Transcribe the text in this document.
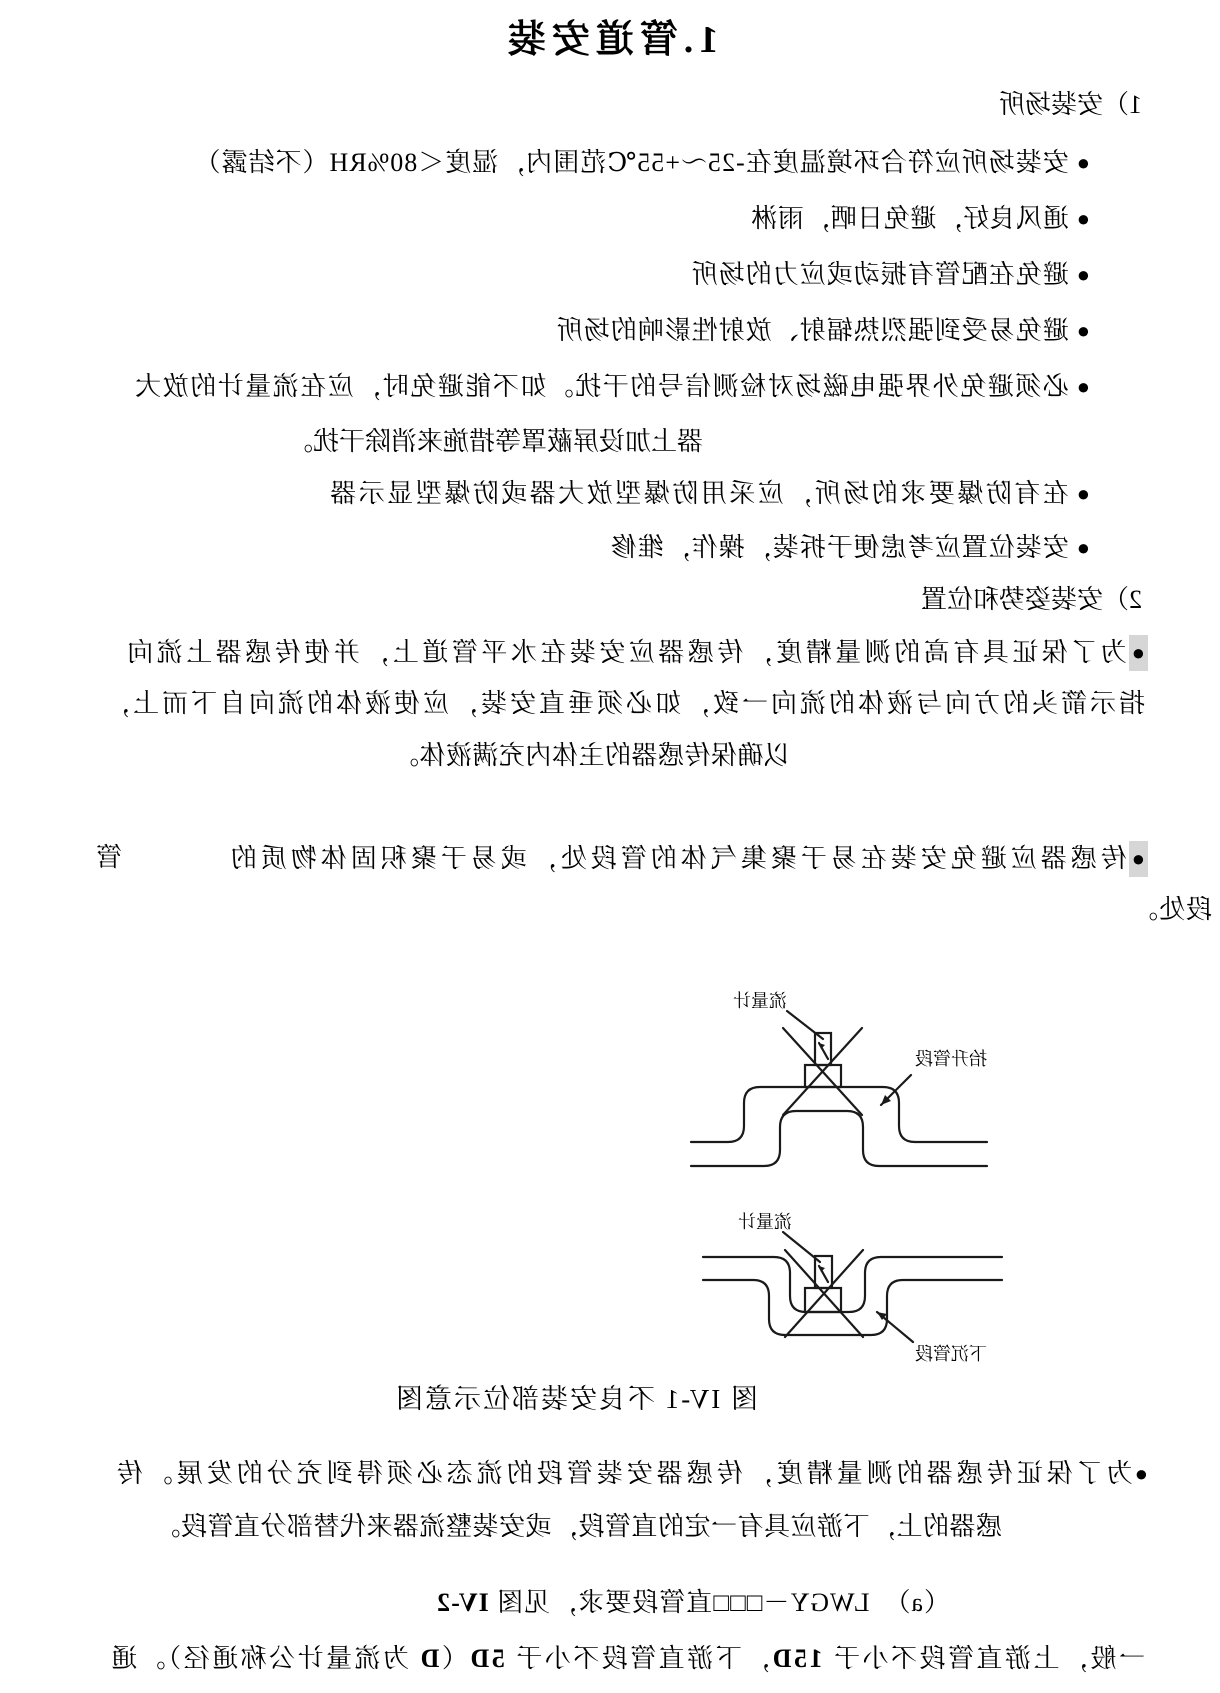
1.管道安装
1）安装场所
●安装场所应符合环境温度在-25～+55℃范围内，湿度＜80%RH（不结露）
●通风良好，避免日晒，雨淋
●避免在配管有振动或应力的场所
●避免易受到强烈热辐射、放射性影响的场所
●必须避免外界强电磁场对检测信号的干扰。如不能避免时，应在流量计的放大
器上加设屏蔽罩等措施来消除干扰。
●在有防爆要求的场所，应采用防爆型放大器或防爆型显示器
●安装位置应考虑便于拆装，操作，维修
2）安装姿势和位置
●为了保证具有高的测量精度，传感器应安装在水平管道上，并使传感器上流向
指示箭头的方向与液体的流向一致，如必须垂直安装，应使液体的流向自下而上，
以确保传感器的主体内充满液体。
●传感器应避免安装在易于聚集气体的管段处，或易于聚积固体物质的
管
段处。
流量计
抬升管段
流量计
下沉管段
图 IV-1 不良安装部位示意图
●为了保证传感器的测量精度，传感器安装管段的流态必须得到充分的发展。传
感器的上，下游应具有一定的直管段，或安装整流器来代替部分直管段。
（a）　LWGY－□□□直管段要求，见图 IV-2
一般，上游直管段不小于 15D，下游直管段不小于 5D（D 为流量计公称通径）。通
